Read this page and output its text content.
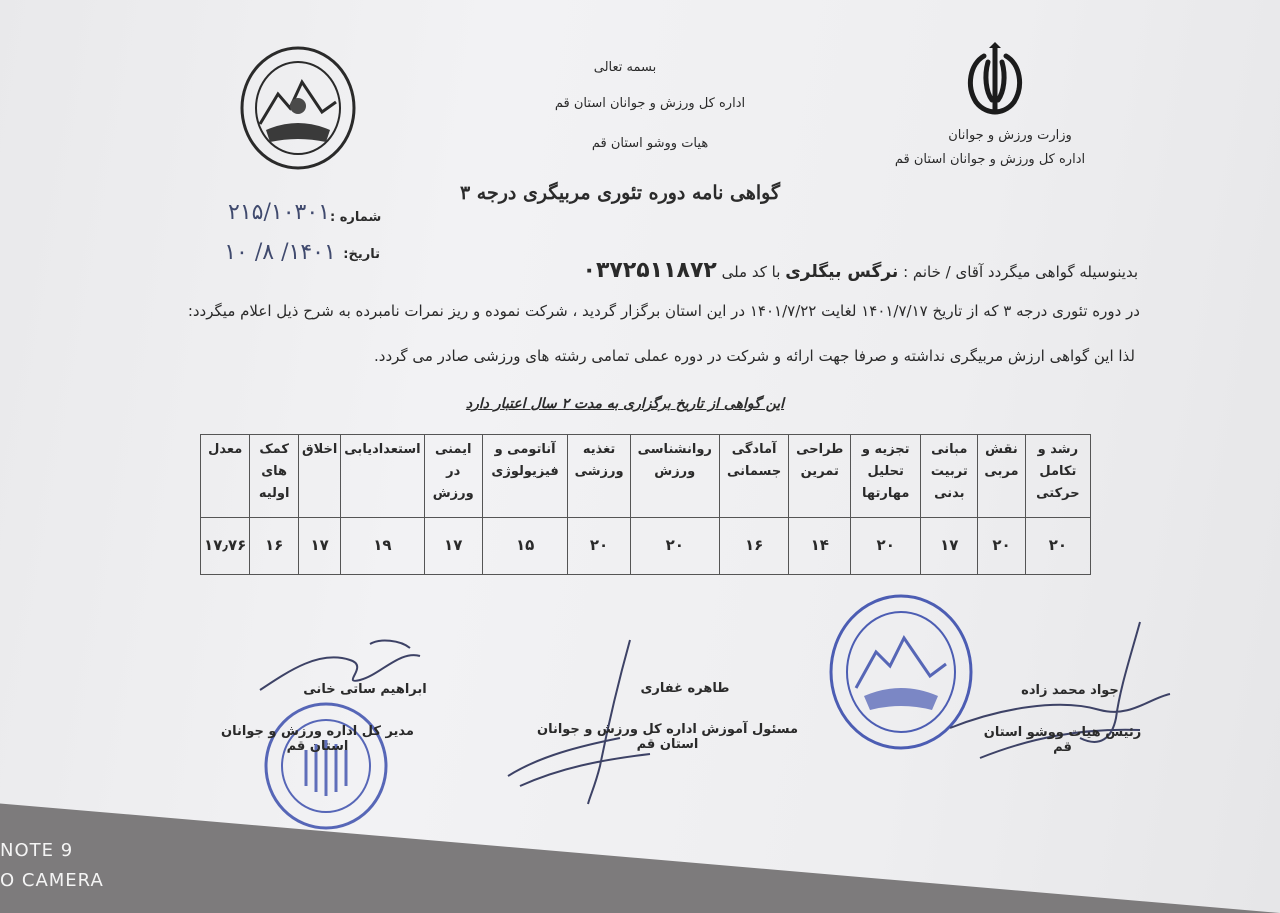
وزارت ورزش و جوانان
اداره کل ورزش و جوانان استان قم
بسمه تعالی
اداره کل ورزش و جوانان استان قم
هیات ووشو استان قم
گواهی نامه دوره تئوری مربیگری درجه ۳
شماره :
۲۱۵/۱۰۳۰۱
تاریخ:
۱۴۰۱/ ۸/ ۱۰
بدینوسیله گواهی میگردد آقای / خانم : نرگس بیگلری با کد ملی ۰۳۷۲۵۱۱۸۷۲
در دوره تئوری درجه ۳ که از تاریخ ۱۴۰۱/۷/۱۷ لغایت ۱۴۰۱/۷/۲۲ در این استان برگزار گردید ، شرکت نموده و ریز نمرات نامبرده به شرح ذیل اعلام میگردد:
لذا این گواهی ارزش مربیگری نداشته و صرفا جهت ارائه و شرکت در دوره عملی تمامی رشته های ورزشی صادر می گردد.
این گواهی از تاریخ برگزاری به مدت ۲ سال اعتبار دارد
رشد و تکامل حرکتی	نقش مربی	مبانی تربیت بدنی	تجزیه و تحلیل مهارتها	طراحی تمرین	آمادگی جسمانی	روانشناسی ورزش	تغذیه ورزشی	آناتومی و فیزیولوژی	ایمنی در ورزش	استعدادیابی	اخلاق	کمک های اولیه	معدل
۲۰	۲۰	۱۷	۲۰	۱۴	۱۶	۲۰	۲۰	۱۵	۱۷	۱۹	۱۷	۱۶	۱۷٫۷۶
ابراهیم ساتی خانی
مدیر کل اداره ورزش و جوانان استان قم
طاهره غفاری
مسئول آموزش اداره کل ورزش و جوانان استان قم
جواد محمد زاده
رئیس هیات ووشو استان قم
NOTE 9
O CAMERA
